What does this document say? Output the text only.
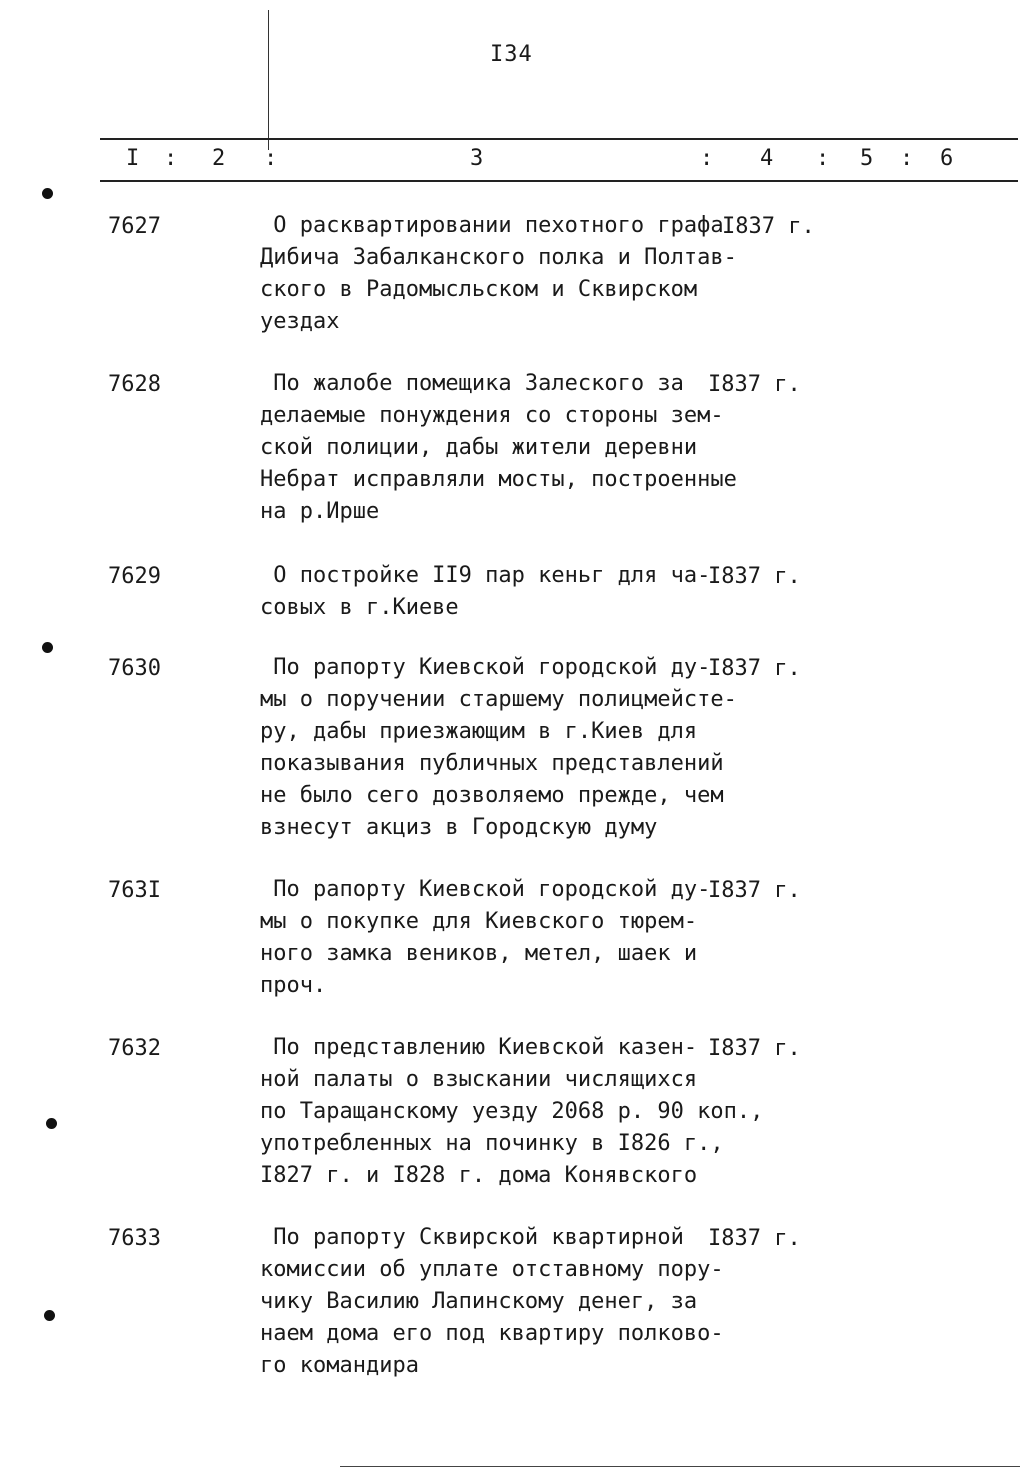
I34
I : 2 :	3	: 4 : 5 : 6
7627	О расквартировании пехотного графа
Дибича Забалканского полка и Полтав-
ского в Радомысльском и Сквирском
уездах
I837 г.
7628	По жалобе помещика Залеского за
делаемые понуждения со стороны зем-
ской полиции, дабы жители деревни
Небрат исправляли мосты, построенные
на р.Ирше
I837 г.
7629	О постройке II9 пар кеньг для ча-
совых в г.Киеве
I837 г.
7630	По рапорту Киевской городской ду-
мы о поручении старшему полицмейсте-
ру, дабы приезжающим в г.Киев для
показывания публичных представлений
не было сего дозволяемо прежде, чем
взнесут акциз в Городскую думу
I837 г.
763I	По рапорту Киевской городской ду-
мы о покупке для Киевского тюрем-
ного замка веников, метел, шаек и
проч.
I837 г.
7632	По представлению Киевской казен-
ной палаты о взыскании числящихся
по Таращанскому уезду 2068 р. 90 коп.,
употребленных на починку в I826 г.,
I827 г. и I828 г. дома Конявского
I837 г.
7633	По рапорту Сквирской квартирной
комиссии об уплате отставному пору-
чику Василию Лапинскому денег, за
наем дома его под квартиру полково-
го командира
I837 г.
